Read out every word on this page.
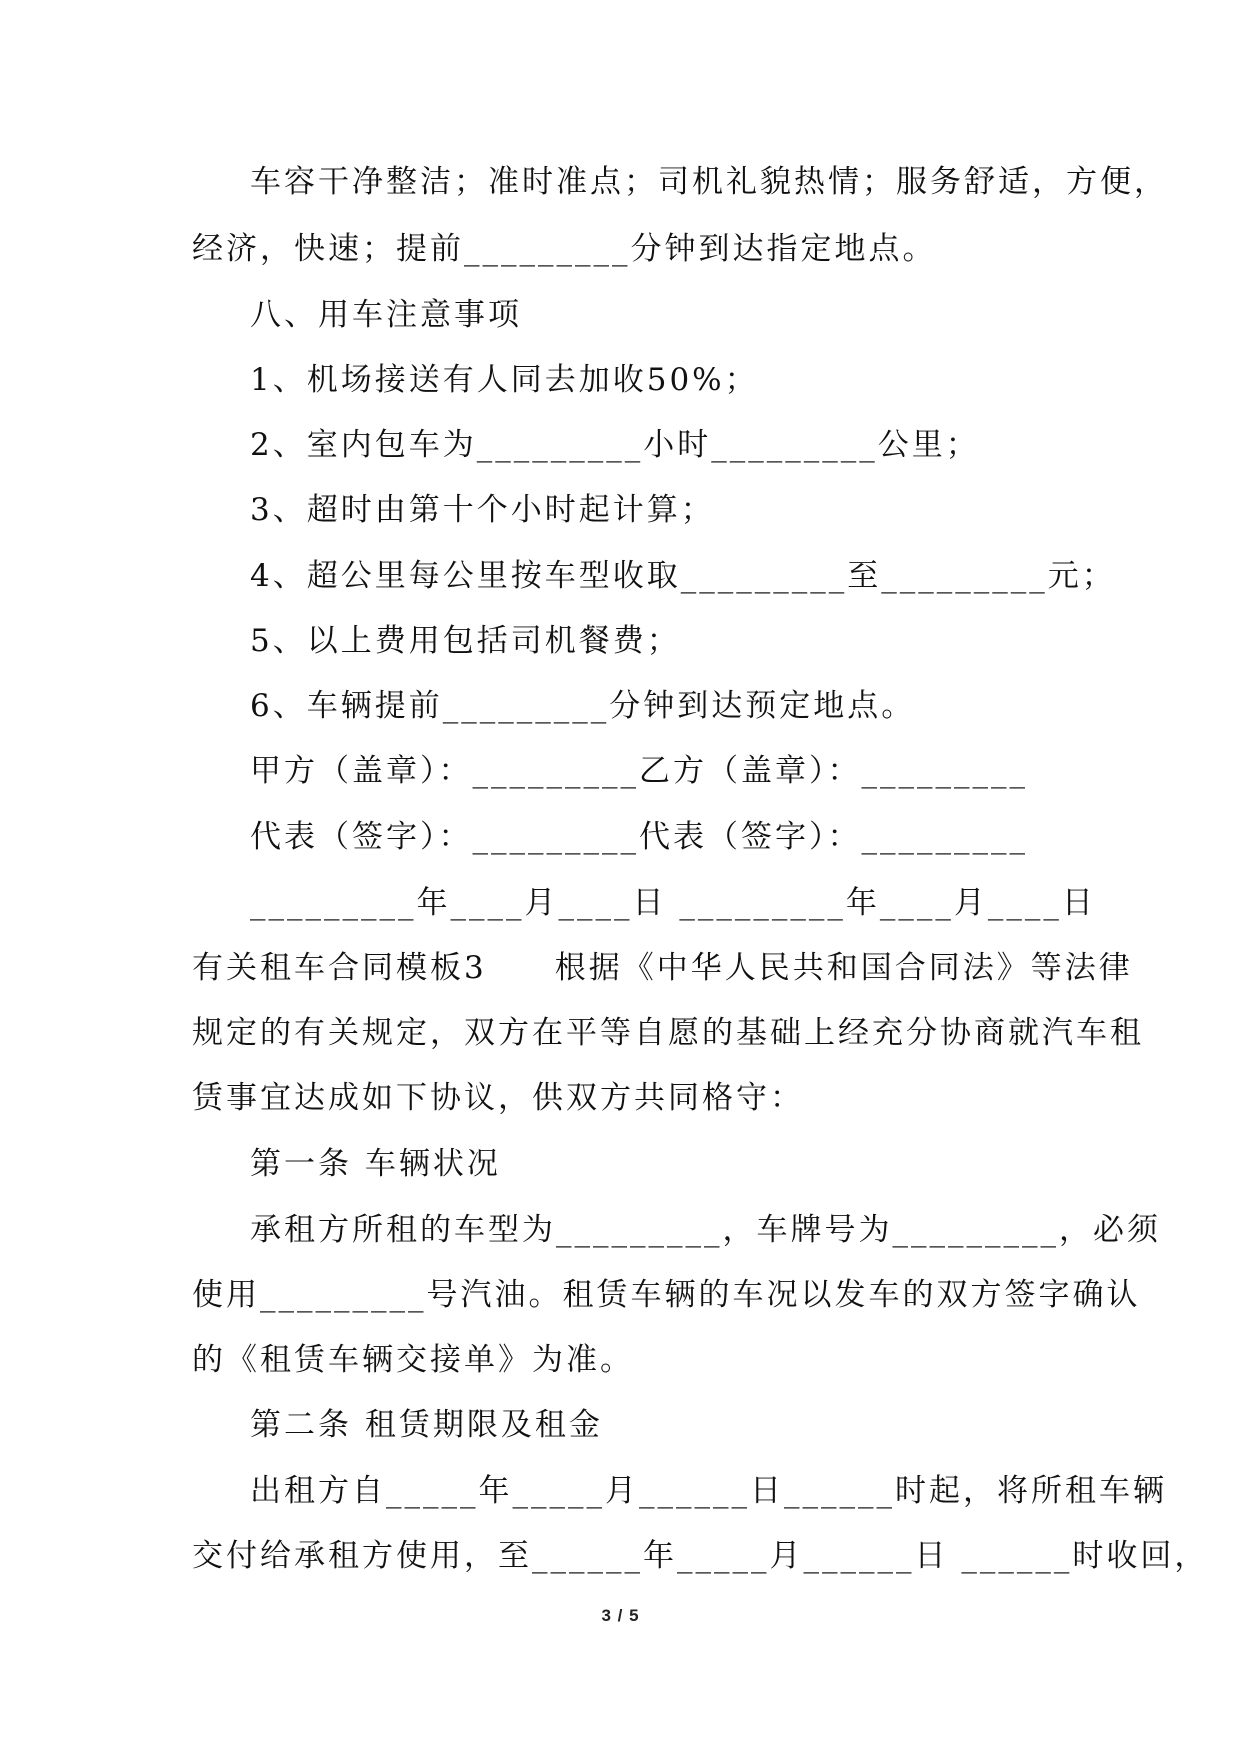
车容干净整洁；准时准点；司机礼貌热情；服务舒适，方便，
经济，快速；提前_________分钟到达指定地点。
八、用车注意事项
1、机场接送有人同去加收50%；
2、室内包车为_________小时_________公里；
3、超时由第十个小时起计算；
4、超公里每公里按车型收取_________至_________元；
5、以上费用包括司机餐费；
6、车辆提前_________分钟到达预定地点。
甲方（盖章）：_________乙方（盖章）：_________
代表（签字）：_________代表（签字）：_________
_________年____月____日 _________年____月____日
有关租车合同模板3　　根据《中华人民共和国合同法》等法律
规定的有关规定，双方在平等自愿的基础上经充分协商就汽车租
赁事宜达成如下协议，供双方共同格守：
第一条 车辆状况
承租方所租的车型为_________，车牌号为_________，必须
使用_________号汽油。租赁车辆的车况以发车的双方签字确认
的《租赁车辆交接单》为准。
第二条 租赁期限及租金
出租方自_____年_____月______日______时起，将所租车辆
交付给承租方使用，至______年_____月______日 ______时收回，
3 / 5
